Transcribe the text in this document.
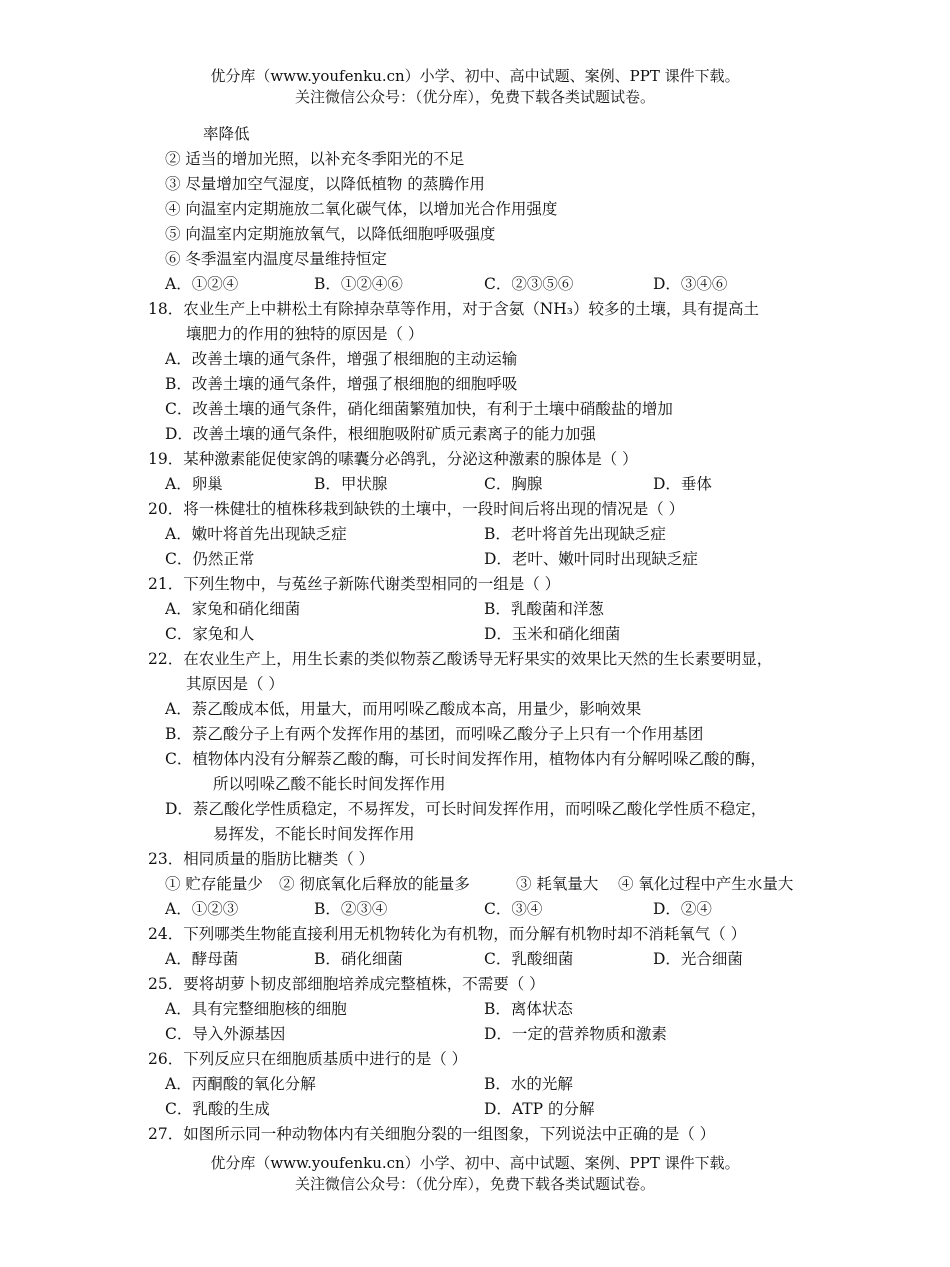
优分库（www.youfenku.cn）小学、初中、高中试题、案例、PPT 课件下载。
关注微信公众号：（优分库），免费下载各类试题试卷。
率降低
② 适当的增加光照，以补充冬季阳光的不足
③ 尽量增加空气湿度，以降低植物 的蒸腾作用
④ 向温室内定期施放二氧化碳气体，以增加光合作用强度
⑤ 向温室内定期施放氧气，以降低细胞呼吸强度
⑥ 冬季温室内温度尽量维持恒定
A．①②④	B．①②④⑥	C．②③⑤⑥	D．③④⑥
18．农业生产上中耕松土有除掉杂草等作用，对于含氨（NH₃）较多的土壤，具有提高土
壤肥力的作用的独特的原因是（ ）
A．改善土壤的通气条件，增强了根细胞的主动运输
B．改善土壤的通气条件，增强了根细胞的细胞呼吸
C．改善土壤的通气条件，硝化细菌繁殖加快，有利于土壤中硝酸盐的增加
D．改善土壤的通气条件，根细胞吸附矿质元素离子的能力加强
19．某种激素能促使家鸽的嗉囊分必鸽乳，分泌这种激素的腺体是（ ）
A．卵巢	B．甲状腺	C．胸腺	D．垂体
20．将一株健壮的植株移栽到缺铁的土壤中，一段时间后将出现的情况是（ ）
A．嫩叶将首先出现缺乏症	B．老叶将首先出现缺乏症
C．仍然正常	D．老叶、嫩叶同时出现缺乏症
21．下列生物中，与菟丝子新陈代谢类型相同的一组是（ ）
A．家兔和硝化细菌	B．乳酸菌和洋葱
C．家兔和人	D．玉米和硝化细菌
22．在农业生产上，用生长素的类似物萘乙酸诱导无籽果实的效果比天然的生长素要明显，
其原因是（ ）
A．萘乙酸成本低，用量大，而用吲哚乙酸成本高，用量少，影响效果
B．萘乙酸分子上有两个发挥作用的基团，而吲哚乙酸分子上只有一个作用基团
C．植物体内没有分解萘乙酸的酶，可长时间发挥作用，植物体内有分解吲哚乙酸的酶，
所以吲哚乙酸不能长时间发挥作用
D．萘乙酸化学性质稳定，不易挥发，可长时间发挥作用，而吲哚乙酸化学性质不稳定，
易挥发，不能长时间发挥作用
23．相同质量的脂肪比糖类（ ）
① 贮存能量少 ② 彻底氧化后释放的能量多	③ 耗氧量大 ④ 氧化过程中产生水量大
A．①②③	B．②③④	C．③④	D．②④
24．下列哪类生物能直接利用无机物转化为有机物，而分解有机物时却不消耗氧气（ ）
A．酵母菌	B．硝化细菌	C．乳酸细菌	D．光合细菌
25．要将胡萝卜韧皮部细胞培养成完整植株，不需要（ ）
A．具有完整细胞核的细胞	B．离体状态
C．导入外源基因	D．一定的营养物质和激素
26．下列反应只在细胞质基质中进行的是（ ）
A．丙酮酸的氧化分解	B．水的光解
C．乳酸的生成	D．ATP 的分解
27．如图所示同一种动物体内有关细胞分裂的一组图象，下列说法中正确的是（ ）
优分库（www.youfenku.cn）小学、初中、高中试题、案例、PPT 课件下载。
关注微信公众号：（优分库），免费下载各类试题试卷。
